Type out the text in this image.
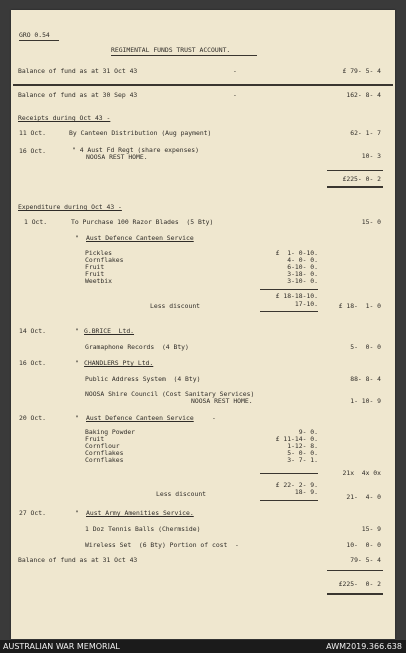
GRO 0.54
REGIMENTAL FUNDS TRUST ACCOUNT.
Balance of fund as at 31 Oct 43	-	£ 79- 5- 4
Balance of fund as at 30 Sep 43	-	162- 8- 4
Receipts during Oct 43 -
11 Oct.	By Canteen Distribution (Aug payment)	62- 1- 7
16 Oct.	" 4 Aust Fd Regt (share expenses)
NOOSA REST HOME.	10- 3
£225- 0- 2
Expenditure during Oct 43 -
1 Oct.	To Purchase 100 Razor Blades  (5 Bty)	15- 0
" Aust Defence Canteen Service
Pickles	£  1- 0-10.
Cornflakes	4- 0- 0.
Fruit	6-10- 0.
Fruit	3-18- 0.
Weetbix	3-10- 0.
£ 18-18-10.
Less discount	17-10.	£ 18-  1- 0
14 Oct.	" G.BRICE  Ltd.
Gramaphone Records  (4 Bty)	5-  0- 0
16 Oct.	" CHANDLERS Pty Ltd.
Public Address System  (4 Bty)	88- 8- 4
NOOSA Shire Council (Cost Sanitary Services)
NOOSA REST HOME.	1- 10- 9
20 Oct.	" Aust Defence Canteen Service	-
Baking Powder	9- 0.
Fruit	£ 11-14- 0.
Cornflour	1-12- 8.
Cornflakes	5- 0- 0.
Cornflakes	3- 7- 1.
21x  4x 0x
£ 22- 2- 9.
Less discount	18- 9.
21-  4- 0
27 Oct.	" Aust Army Amenities Service.
1 Doz Tennis Balls (Chermside)	15- 9
Wireless Set  (6 Bty) Portion of cost -	10-  0- 0
Balance of fund as at 31 Oct 43	79- 5- 4
£225-  0- 2
AUSTRALIAN WAR MEMORIAL	AWM2019.366.638
